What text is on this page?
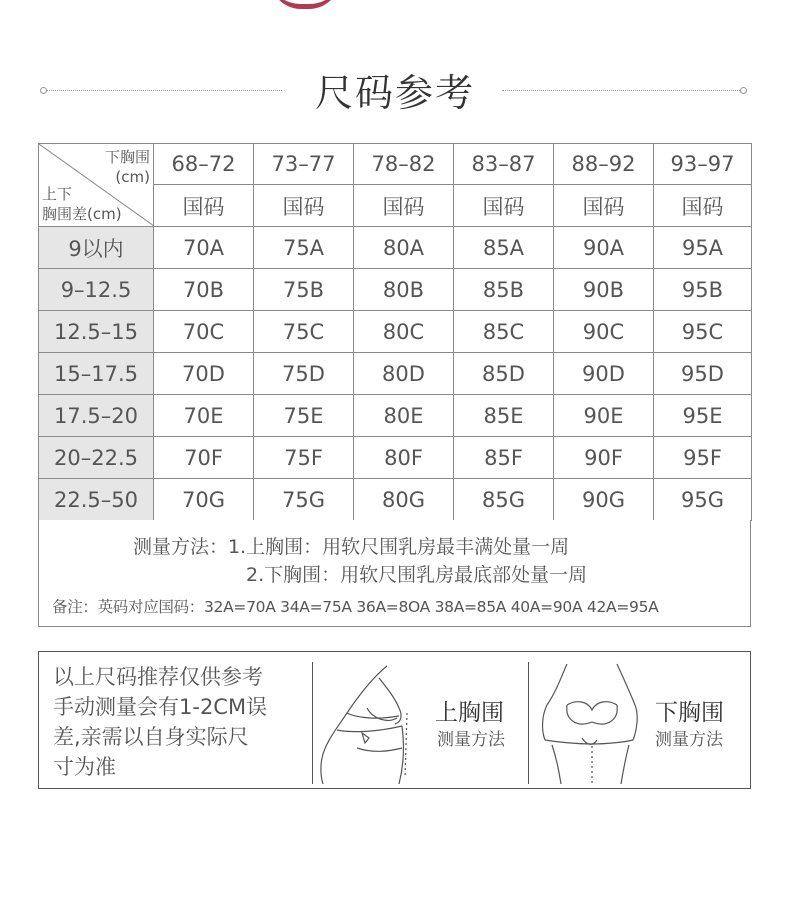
尺码参考
下胸围
(cm)
上下
胸围差(cm)	68–72	73–77	78–82	83–87	88–92	93–97
	国码	国码	国码	国码	国码	国码
9以内	70A	75A	80A	85A	90A	95A
9–12.5	70B	75B	80B	85B	90B	95B
12.5–15	70C	75C	80C	85C	90C	95C
15–17.5	70D	75D	80D	85D	90D	95D
17.5–20	70E	75E	80E	85E	90E	95E
20–22.5	70F	75F	80F	85F	90F	95F
22.5–50	70G	75G	80G	85G	90G	95G
测量方法：1.上胸围：用软尺围乳房最丰满处量一周
2.下胸围：用软尺围乳房最底部处量一周
备注：英码对应国码：32A=70A 34A=75A 36A=8OA 38A=85A 40A=90A 42A=95A
以上尺码推荐仅供参考
手动测量会有1-2CM误
差,亲需以自身实际尺
寸为准
上胸围
测量方法
下胸围
测量方法
